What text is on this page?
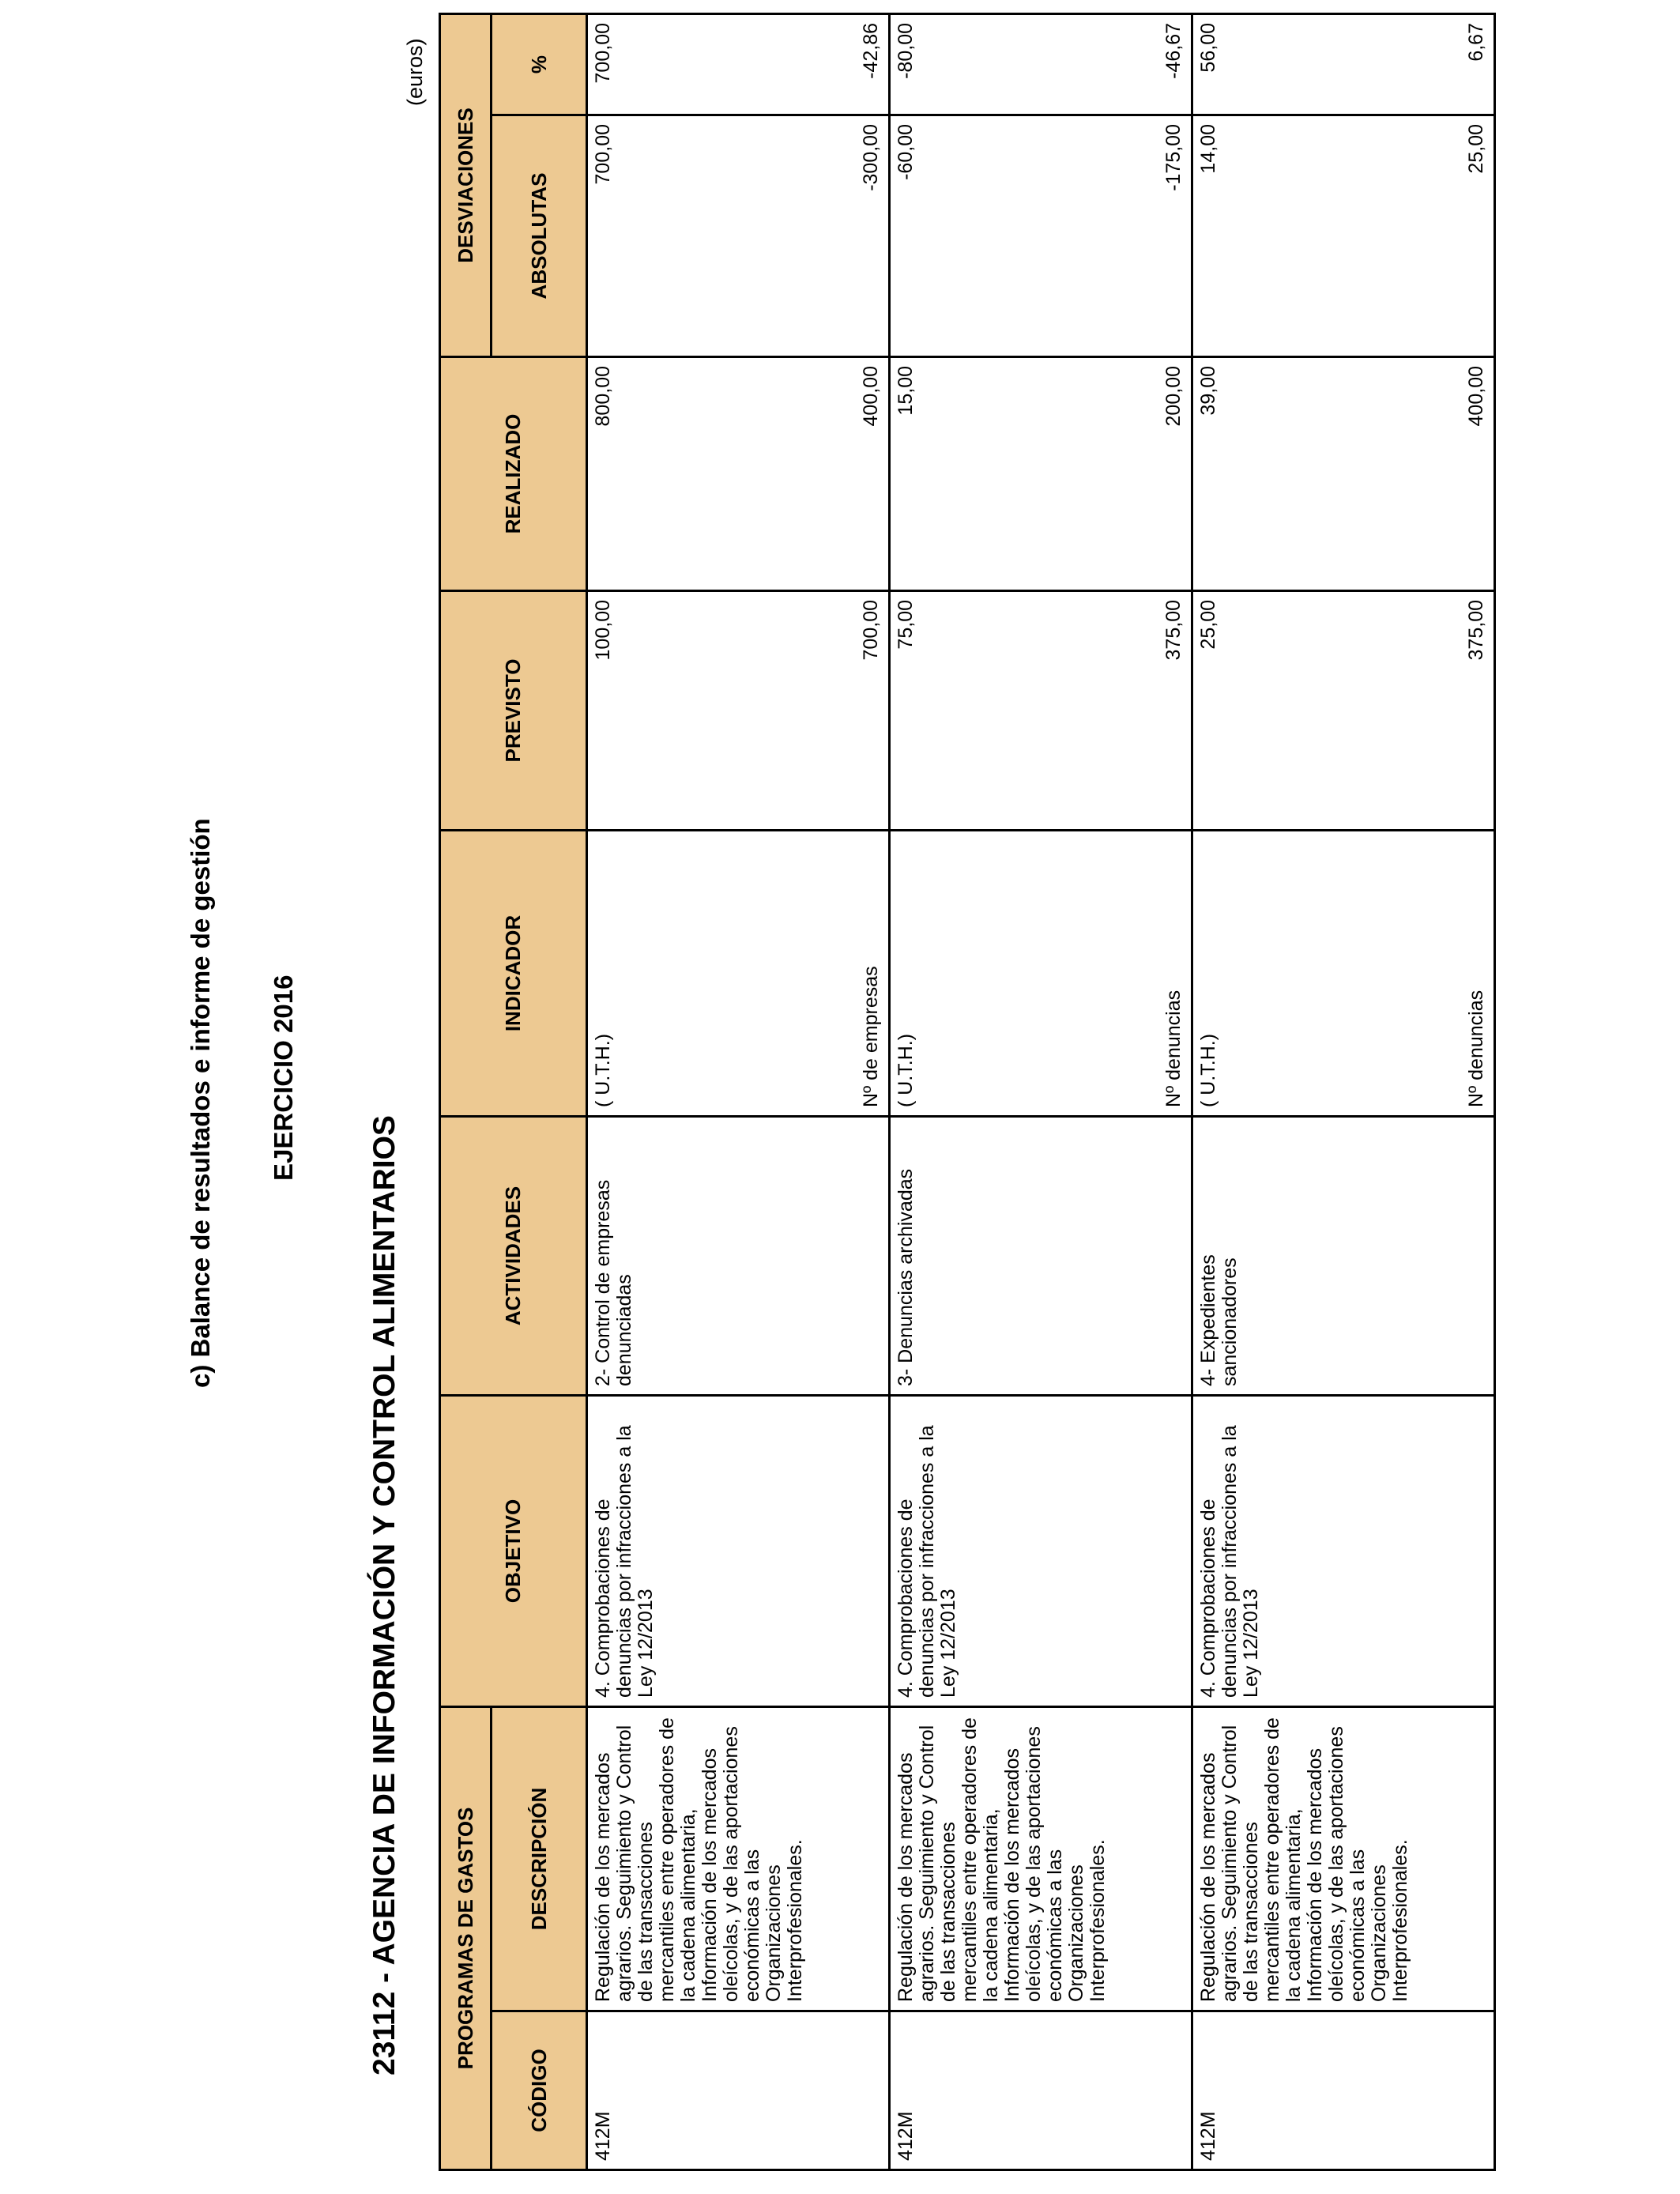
c) Balance de resultados e informe de gestión EJERCICIO 2016
23112 - AGENCIA DE INFORMACIÓN Y CONTROL ALIMENTARIOS
(euros)
PROGRAMAS DE GASTOS		OBJETIVO	ACTIVIDADES	INDICADOR	PREVISTO	REALIZADO	DESVIACIONES	
CÓDIGO	DESCRIPCIÓN						ABSOLUTAS	%
412M	Regulación de los mercados agrarios. Seguimiento y Control de las transacciones mercantiles entre operadores de la cadena alimentaria, Información de los mercados oleícolas, y de las aportaciones económicas a las Organizaciones Interprofesionales.	4. Comprobaciones de denuncias por infracciones a la Ley 12/2013	2- Control de empresas denunciadas	( U.T.H.) Nº de empresas	100,00 700,00	800,00 400,00	700,00 -300,00	700,00 -42,86

412M	Regulación de los mercados agrarios. Seguimiento y Control de las transacciones mercantiles entre operadores de la cadena alimentaria, Información de los mercados oleícolas, y de las aportaciones económicas a las Organizaciones Interprofesionales.	4. Comprobaciones de denuncias por infracciones a la Ley 12/2013	3- Denuncias archivadas	( U.T.H.) Nº denuncias	75,00 375,00	15,00 200,00	-60,00 -175,00	-80,00 -46,67

412M	Regulación de los mercados agrarios. Seguimiento y Control de las transacciones mercantiles entre operadores de la cadena alimentaria, Información de los mercados oleícolas, y de las aportaciones económicas a las Organizaciones Interprofesionales.	4. Comprobaciones de denuncias por infracciones a la Ley 12/2013	4- Expedientes sancionadores	( U.T.H.) Nº denuncias	25,00 375,00	39,00 400,00	14,00 25,00	56,00 6,67
